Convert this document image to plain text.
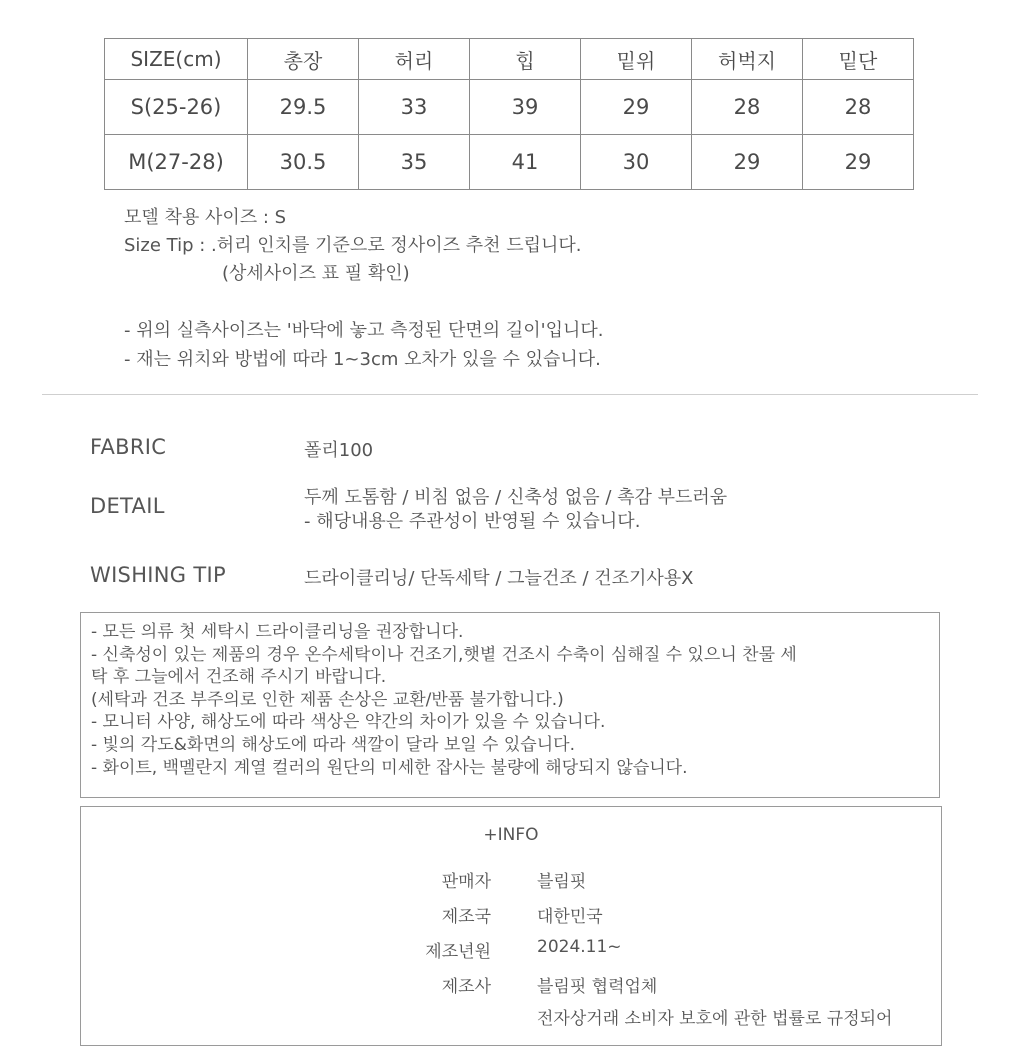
SIZE(cm)	총장	허리	힙	밑위	허벅지	밑단
S(25-26)	29.5	33	39	29	28	28
M(27-28)	30.5	35	41	30	29	29
모델 착용 사이즈 : S
Size Tip : .허리 인치를 기준으로 정사이즈 추천 드립니다.
(상세사이즈 표 필 확인)
- 위의 실측사이즈는 '바닥에 놓고 측정된 단면의 길이'입니다.
- 재는 위치와 방법에 따라 1~3cm 오차가 있을 수 있습니다.
FABRIC	폴리100
DETAIL	두께 도톰함 / 비침 없음 / 신축성 없음 / 촉감 부드러움
- 해당내용은 주관성이 반영될 수 있습니다.
WISHING TIP	드라이클리닝/ 단독세탁 / 그늘건조 / 건조기사용X
- 모든 의류 첫 세탁시 드라이클리닝을 권장합니다.
- 신축성이 있는 제품의 경우 온수세탁이나 건조기,햇볕 건조시 수축이 심해질 수 있으니 찬물 세
탁 후 그늘에서 건조해 주시기 바랍니다.
(세탁과 건조 부주의로 인한 제품 손상은 교환/반품 불가합니다.)
- 모니터 사양, 해상도에 따라 색상은 약간의 차이가 있을 수 있습니다.
- 빛의 각도&화면의 해상도에 따라 색깔이 달라 보일 수 있습니다.
- 화이트, 백멜란지 계열 컬러의 원단의 미세한 잡사는 불량에 해당되지 않습니다.
+INFO
판매자	블림핏
제조국	대한민국
제조년원	2024.11~
제조사	블림핏 협력업체
전자상거래 소비자 보호에 관한 법률로 규정되어
